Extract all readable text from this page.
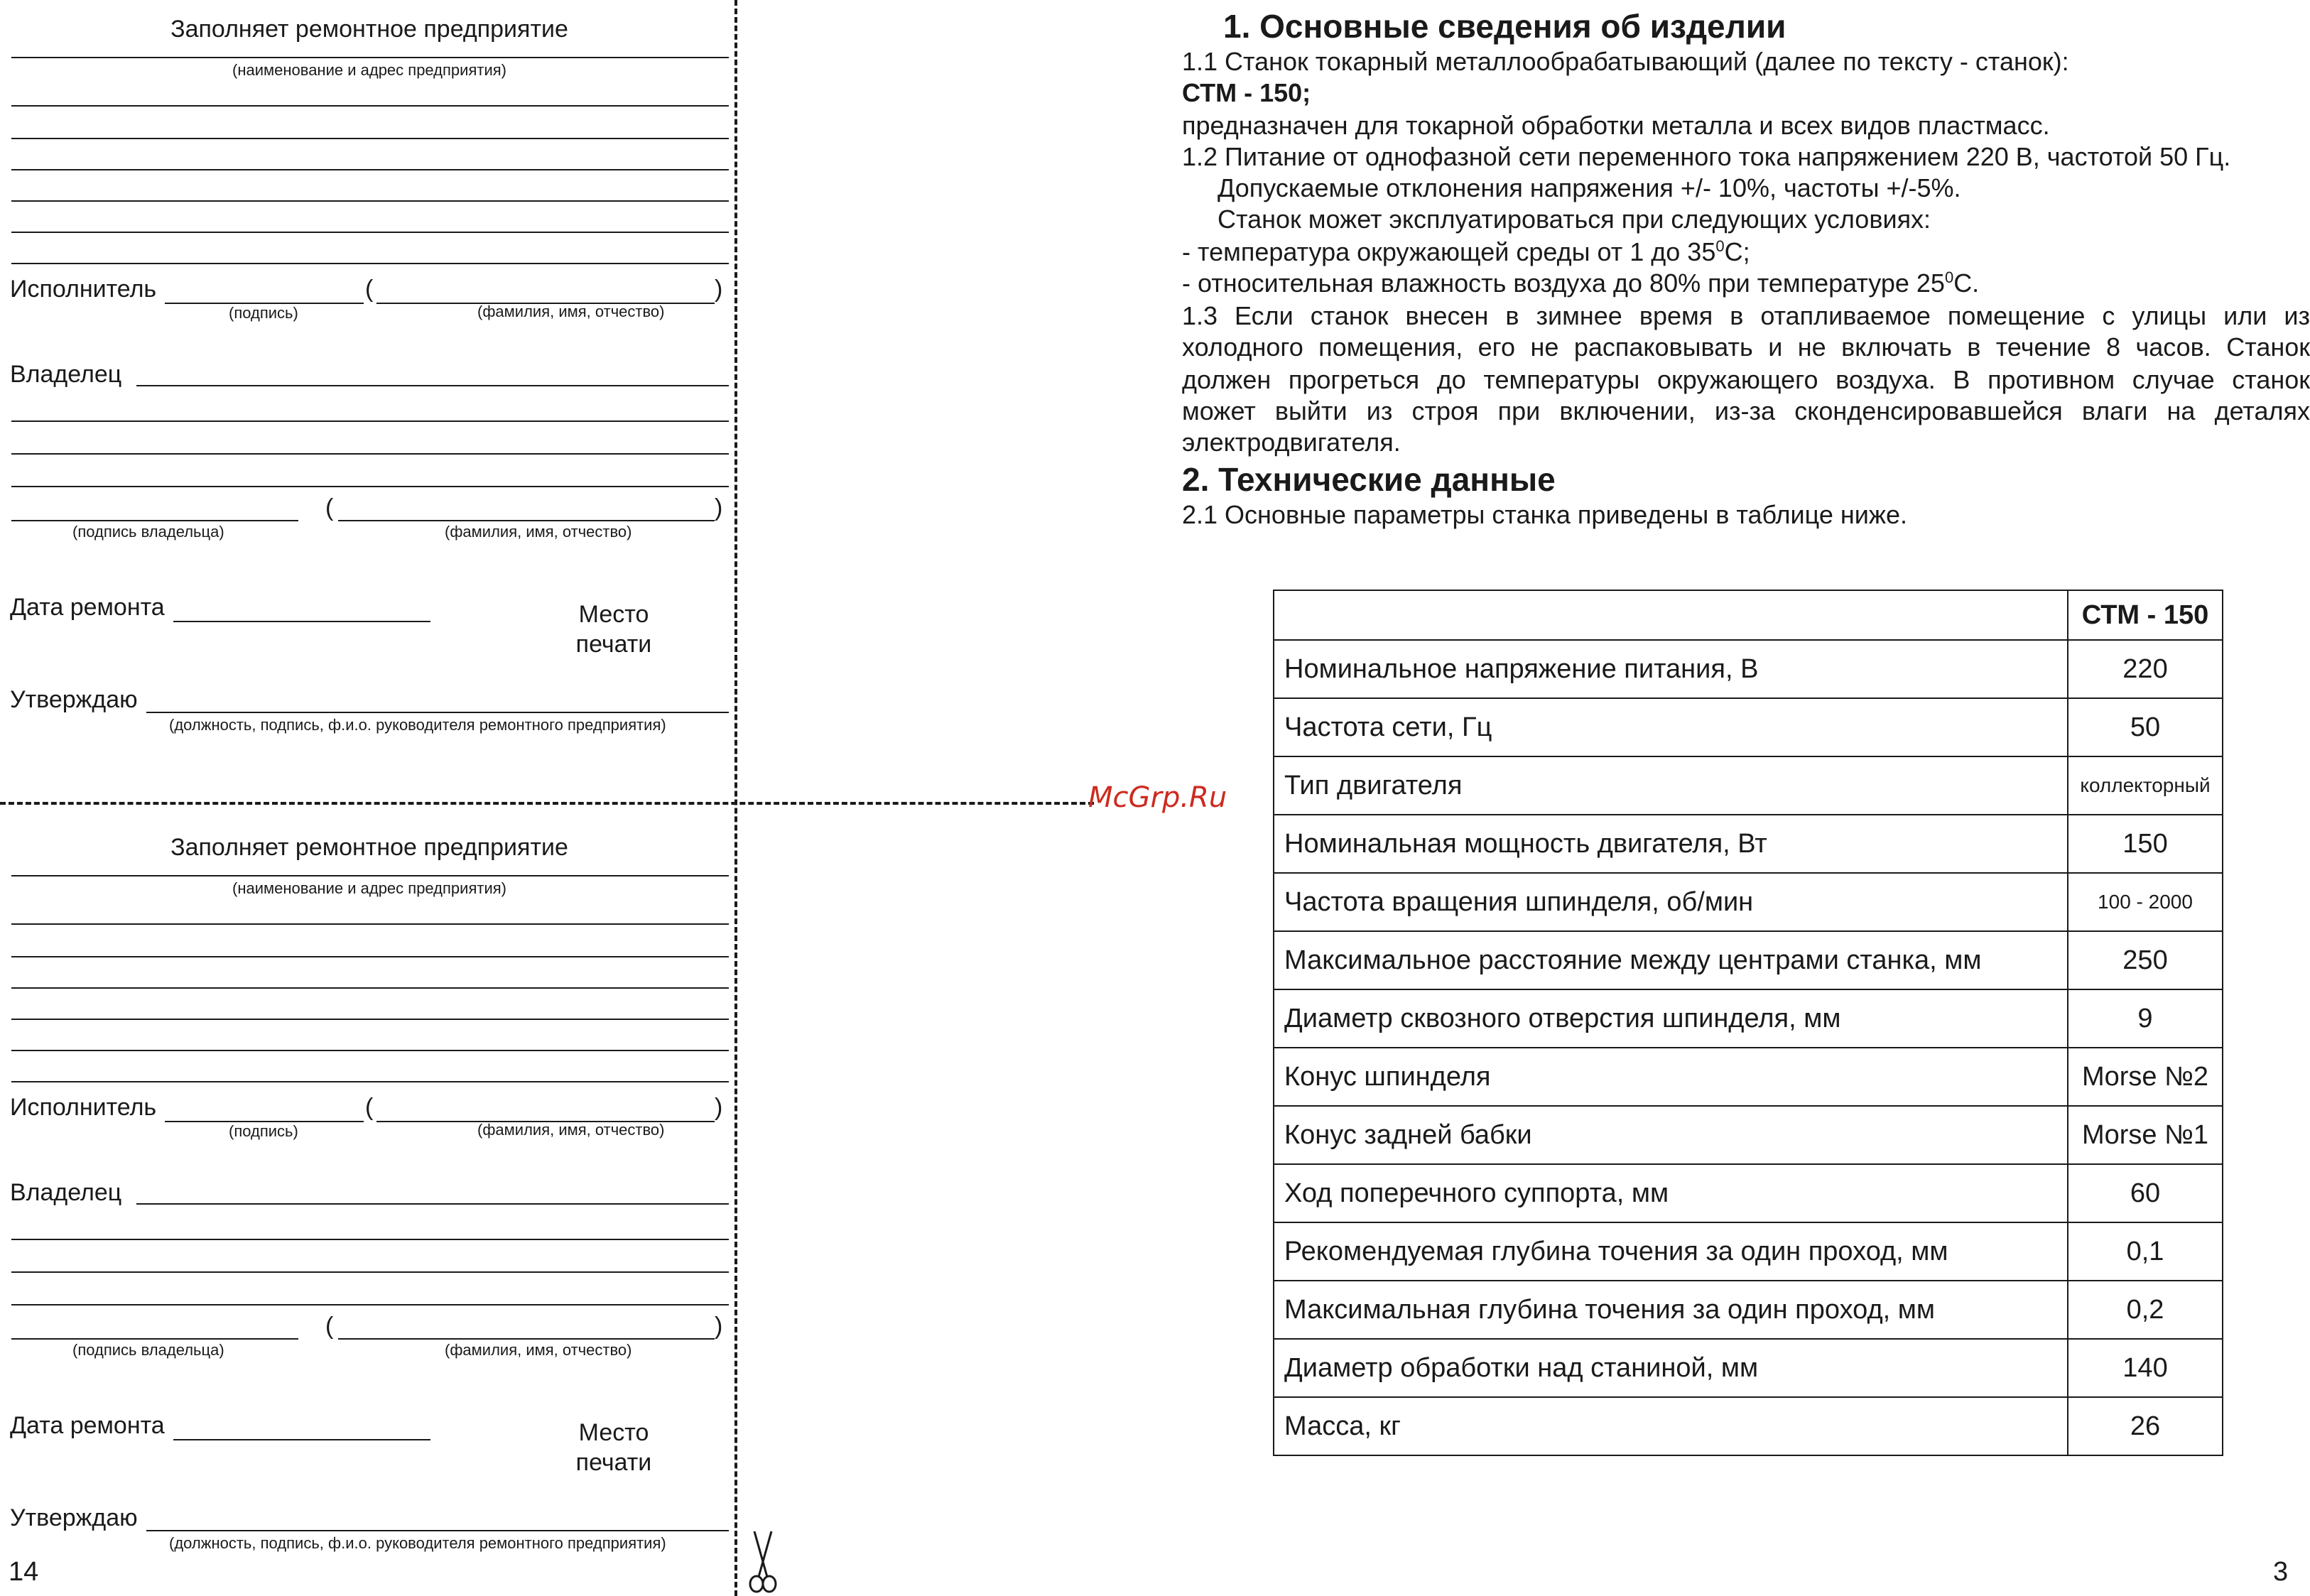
McGrp.Ru
Заполняет ремонтное предприятие
(наименование и адрес предприятия)
Исполнитель	(	)
(подпись)	(фамилия, имя, отчество)
Владелец
(	)
(подпись владельца)	(фамилия, имя, отчество)
Дата ремонта	Место
печати
Утверждаю
(должность, подпись, ф.и.о. руководителя ремонтного предприятия)
Заполняет ремонтное предприятие
(наименование и адрес предприятия)
Исполнитель	(	)
(подпись)	(фамилия, имя, отчество)
Владелец
(	)
(подпись владельца)	(фамилия, имя, отчество)
Дата ремонта	Место
печати
Утверждаю
(должность, подпись, ф.и.о. руководителя ремонтного предприятия)
14	3
1. Основные сведения об изделии
1.1 Станок токарный металлообрабатывающий (далее по тексту - станок):
СТМ - 150;
предназначен для токарной обработки металла и всех видов пластмасс.
1.2 Питание от однофазной сети переменного тока напряжением 220 В, частотой 50 Гц.
Допускаемые отклонения напряжения +/- 10%, частоты +/-5%.
Станок может эксплуатироваться при следующих условиях:
- температура окружающей среды от 1 до $35^0С$;
- относительная влажность воздуха до 80% при температуре $25^0С$.
1.3 Если станок внесен в зимнее время в отапливаемое помещение с улицы или из
холодного помещения, его не распаковывать и не включать в течение 8 часов. Станок
должен прогреться до температуры окружающего воздуха. В противном случае станок
может выйти из строя при включении, из-за сконденсировавшейся влаги на деталях
электродвигателя.
2. Технические данные
2.1 Основные параметры станка приведены в таблице ниже.
	СТМ - 150
Номинальное напряжение питания, В	220
Частота сети, Гц	50
Тип двигателя	коллекторный
Номинальная мощность двигателя, Вт	150
Частота вращения шпинделя, об/мин	100 - 2000
Максимальное расстояние между центрами станка, мм	250
Диаметр сквозного отверстия шпинделя, мм	9
Конус шпинделя	Morse №2
Конус задней бабки	Morse №1
Ход поперечного суппорта, мм	60
Рекомендуемая глубина точения за один проход, мм	0,1
Максимальная глубина точения за один проход, мм	0,2
Диаметр обработки над станиной, мм	140
Масса, кг	26
